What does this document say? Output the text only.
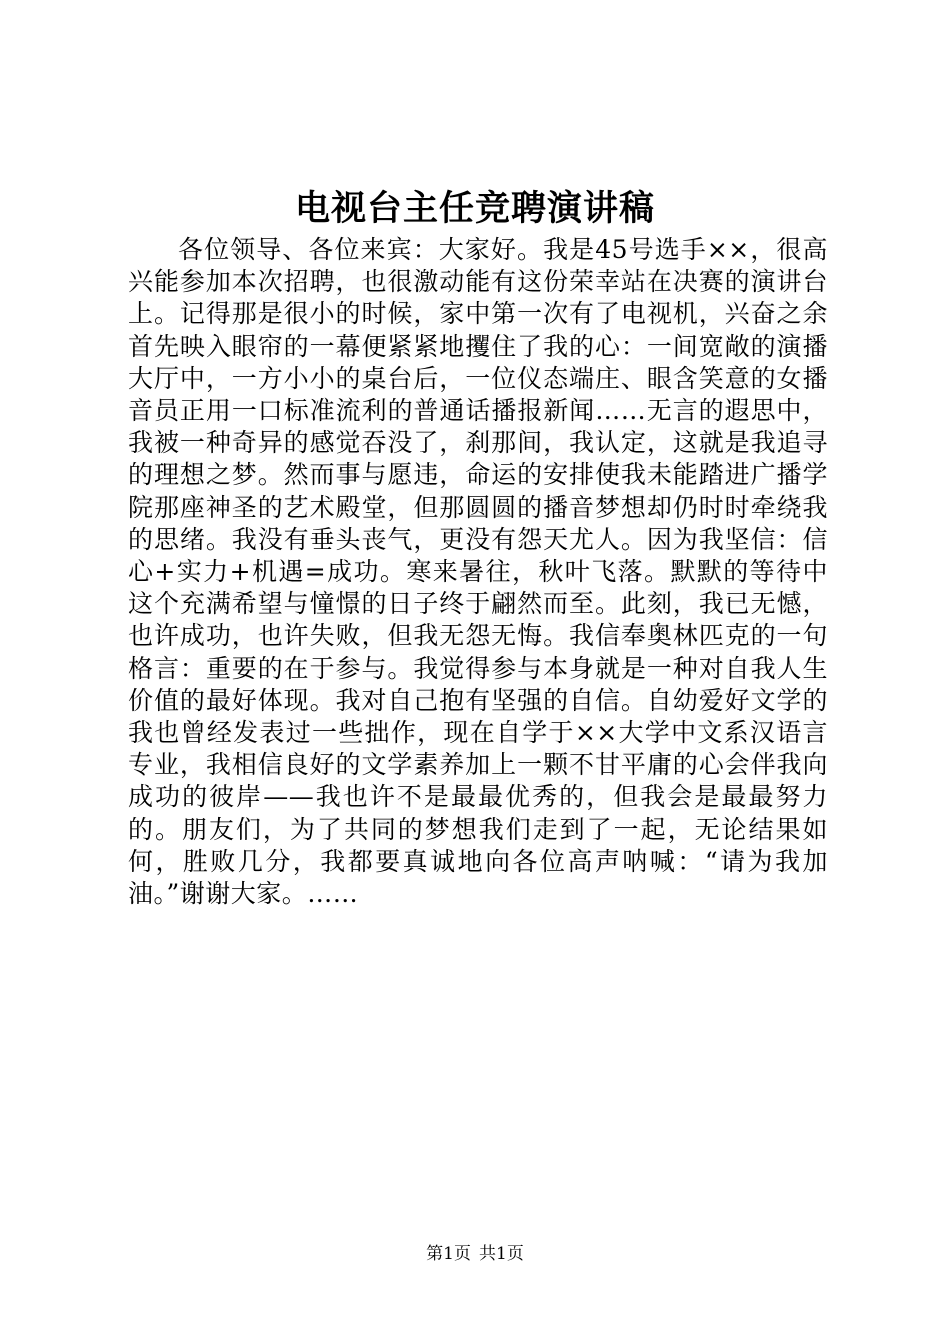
电视台主任竞聘演讲稿

各位领导、各位来宾：大家好。我是45号选手××，很高兴能参加本次招聘，也很激动能有这份荣幸站在决赛的演讲台上。记得那是很小的时候，家中第一次有了电视机，兴奋之余首先映入眼帘的一幕便紧紧地攫住了我的心：一间宽敞的演播大厅中，一方小小的桌台后，一位仪态端庄、眼含笑意的女播音员正用一口标准流利的普通话播报新闻……无言的遐思中，我被一种奇异的感觉吞没了，刹那间，我认定，这就是我追寻的理想之梦。然而事与愿违，命运的安排使我未能踏进广播学院那座神圣的艺术殿堂，但那圆圆的播音梦想却仍时时牵绕我的思绪。我没有垂头丧气，更没有怨天尤人。因为我坚信：信心+实力+机遇=成功。寒来暑往，秋叶飞落。默默的等待中这个充满希望与憧憬的日子终于翩然而至。此刻，我已无憾，也许成功，也许失败，但我无怨无悔。我信奉奥林匹克的一句格言：重要的在于参与。我觉得参与本身就是一种对自我人生价值的最好体现。我对自己抱有坚强的自信。自幼爱好文学的我也曾经发表过一些拙作，现在自学于××大学中文系汉语言专业，我相信良好的文学素养加上一颗不甘平庸的心会伴我向成功的彼岸——我也许不是最最优秀的，但我会是最最努力的。朋友们，为了共同的梦想我们走到了一起，无论结果如何，胜败几分，我都要真诚地向各位高声呐喊：“请为我加油。”谢谢大家。……

第1页 共1页
